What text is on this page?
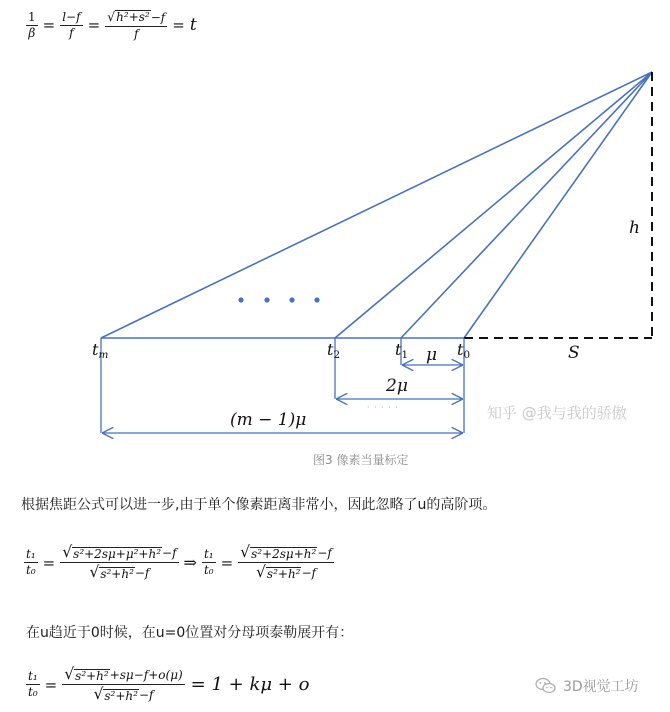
$\frac{1}{\beta} = \frac{l-f}{f} = \frac{\text{√ h²+s² −f}}{f} = t$
$t_m$	$t_2$	$t_1$	$t_0$
μ
2μ
· · · · ·
(m − 1)μ
S
h
知乎 @我与我的骄傲
图3 像素当量标定
根据焦距公式可以进一步,由于单个像素距离非常小，因此忽略了u的高阶项。
$\frac{\text{t₁}}{\text{t₀}} = \frac{\text{√ s²+2sμ+μ²+h² −f}}{\text{√ s²+h² −f}}$ ⇒ $\frac{\text{t₁}}{\text{t₀}} = \frac{\text{√ s²+2sμ+h² −f}}{\text{√ s²+h² −f}}$
在u趋近于0时候，在u=0位置对分母项泰勒展开有：
$\frac{\text{t₁}}{\text{t₀}} = \frac{\text{√ s²+h² +sμ−f+o(μ)}}{\text{√ s²+h² −f}} = 1 + k\mu + o$	3D视觉工坊
